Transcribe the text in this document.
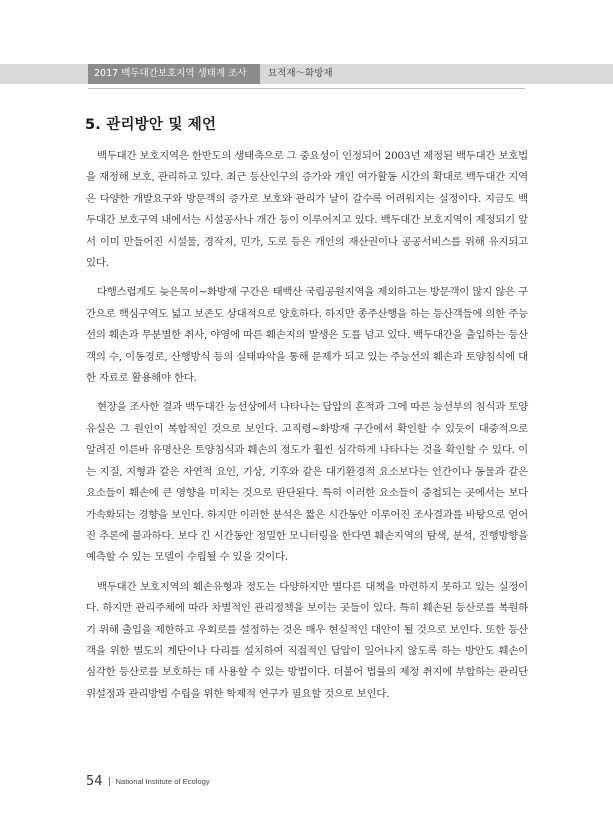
2017 백두대간보호지역 생태계 조사	묘적재～화방재
5. 관리방안 및 제언

백두대간 보호지역은 한반도의 생태축으로 그 중요성이 인정되어 2003년 제정된 백두대간 보호법을 재정해 보호, 관리하고 있다. 최근 등산인구의 증가와 개인 여가활동 시간의 확대로 백두대간 지역은 다양한 개발요구와 방문객의 증가로 보호와 관리가 날이 갈수록 어려워지는 실정이다. 지금도 백두대간 보호구역 내에서는 시설공사나 개간 등이 이루어지고 있다. 백두대간 보호지역이 제정되기 앞서 이미 만들어진 시설물, 경작지, 민가, 도로 등은 개인의 재산권이나 공공서비스를 위해 유지되고 있다.

다행스럽게도 늦은목이~화방재 구간은 태백산 국립공원지역을 제외하고는 방문객이 많지 않은 구간으로 핵심구역도 넓고 보존도 상대적으로 양호하다. 하지만 종주산행을 하는 등산객들에 의한 주능선의 훼손과 무분별한 취사, 야영에 따른 훼손지의 발생은 도를 넘고 있다. 백두대간을 출입하는 등산객의 수, 이동경로, 산행방식 등의 실태파악을 통해 문제가 되고 있는 주능선의 훼손과 토양침식에 대한 자료로 활용해야 한다.

현장을 조사한 결과 백두대간 능선상에서 나타나는 답압의 흔적과 그에 따른 능선부의 침식과 토양유실은 그 원인이 복합적인 것으로 보인다. 고직령~화방재 구간에서 확인할 수 있듯이 대중적으로 알려진 이른바 유명산은 토양침식과 훼손의 정도가 훨씬 심각하게 나타나는 것을 확인할 수 있다. 이는 지질, 지형과 같은 자연적 요인, 기상, 기후와 같은 대기환경적 요소보다는 인간이나 동물과 같은 요소들이 훼손에 큰 영향을 미치는 것으로 판단된다. 특히 이러한 요소들이 중첩되는 곳에서는 보다 가속화되는 경향을 보인다. 하지만 이러한 분석은 짧은 시간동안 이루어진 조사결과를 바탕으로 얻어진 추론에 불과하다. 보다 긴 시간동안 정밀한 모니터링을 한다면 훼손지역의 탐색, 분석, 진행방향을 예측할 수 있는 모델이 수립될 수 있을 것이다.

백두대간 보호지역의 훼손유형과 정도는 다양하지만 별다른 대책을 마련하지 못하고 있는 실정이다. 하지만 관리주체에 따라 차별적인 관리정책을 보이는 곳들이 있다. 특히 훼손된 등산로를 복원하기 위해 출입을 제한하고 우회로를 설정하는 것은 매우 현실적인 대안이 될 것으로 보인다. 또한 등산객을 위한 별도의 계단이나 다리를 설치하여 직접적인 답압이 일어나지 않도록 하는 방안도 훼손이 심각한 등산로를 보호하는 데 사용할 수 있는 방법이다. 더불어 법률의 제정 취지에 부합하는 관리단위설정과 관리방법 수립을 위한 학제적 연구가 필요할 것으로 보인다.

54 National Institute of Ecology
